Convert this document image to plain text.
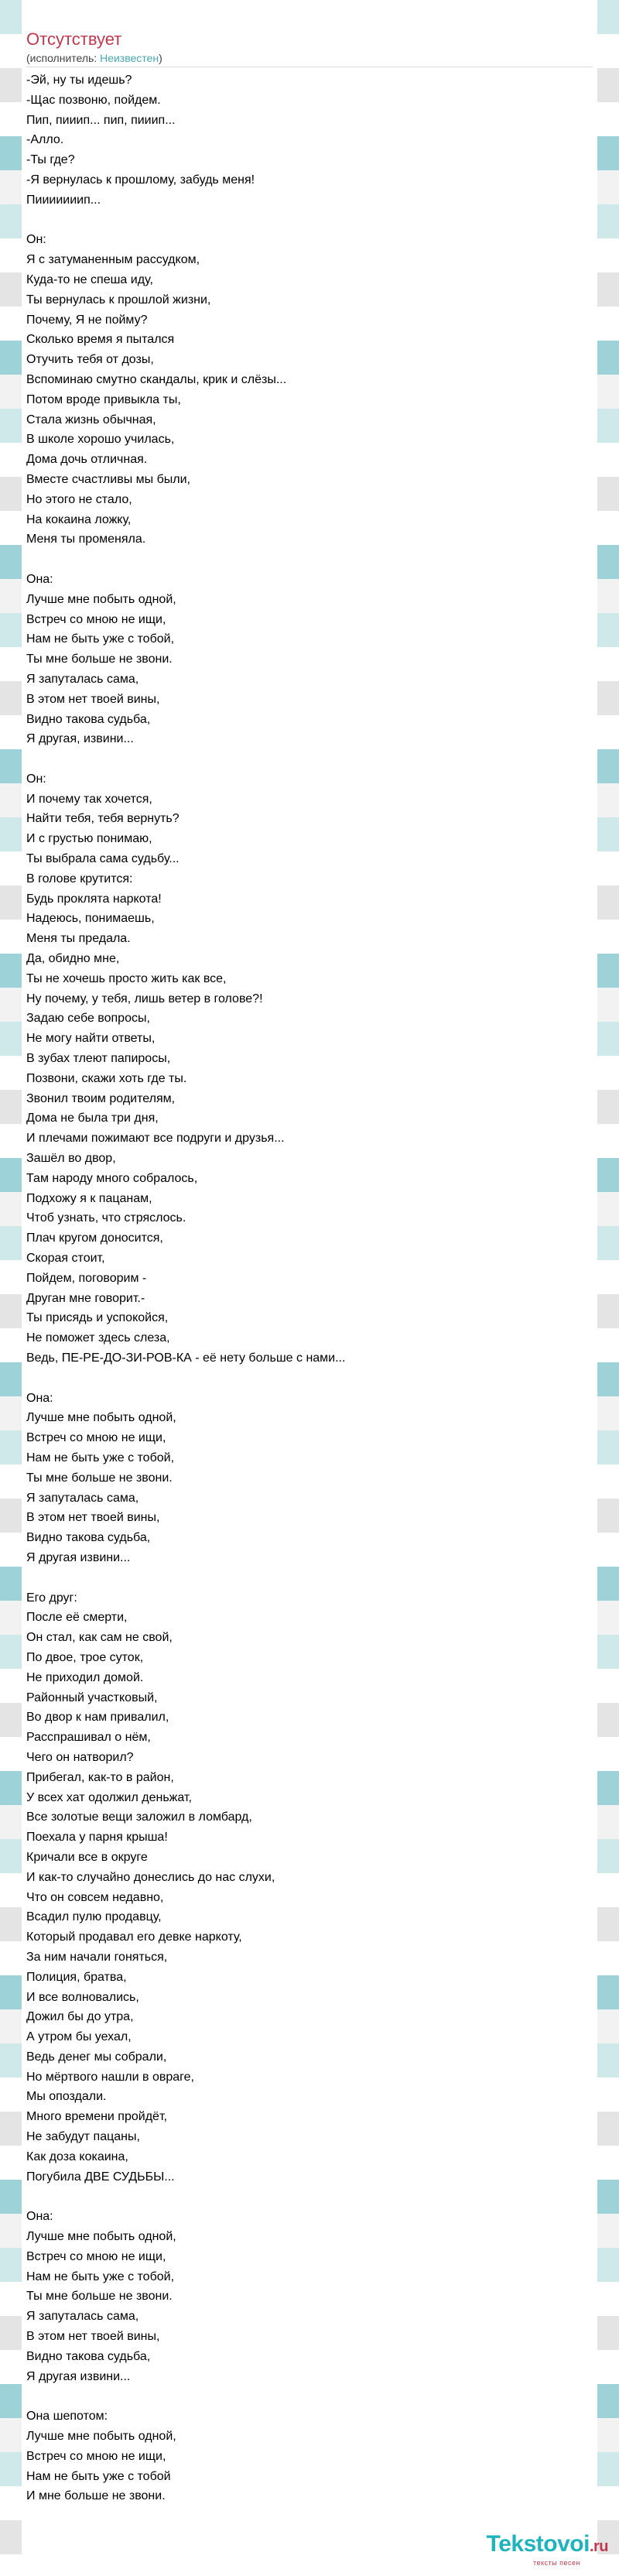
Отсутствует
(исполнитель: Неизвестен)
-Эй, ну ты идешь?
-Щас позвоню, пойдем.
Пип, пииип... пип, пииип...
-Алло.
-Ты где?
-Я вернулась к прошлому, забудь меня!
Пииииииип...
Он:
Я с затуманенным рассудком,
Куда-то не спеша иду,
Ты вернулась к прошлой жизни,
Почему, Я не пойму?
Сколько время я пытался
Отучить тебя от дозы,
Вспоминаю смутно скандалы, крик и слёзы...
Потом вроде привыкла ты,
Стала жизнь обычная,
В школе хорошо училась,
Дома дочь отличная.
Вместе счастливы мы были,
Но этого не стало,
На кокаина ложку,
Меня ты променяла.
Она:
Лучше мне побыть одной,
Встреч со мною не ищи,
Нам не быть уже с тобой,
Ты мне больше не звони.
Я запуталась сама,
В этом нет твоей вины,
Видно такова судьба,
Я другая, извини...
Он:
И почему так хочется,
Найти тебя, тебя вернуть?
И с грустью понимаю,
Ты выбрала сама судьбу...
В голове крутится:
Будь проклята наркота!
Надеюсь, понимаешь,
Меня ты предала.
Да, обидно мне,
Ты не хочешь просто жить как все,
Ну почему, у тебя, лишь ветер в голове?!
Задаю себе вопросы,
Не могу найти ответы,
В зубах тлеют папиросы,
Позвони, скажи хоть где ты.
Звонил твоим родителям,
Дома не была три дня,
И плечами пожимают все подруги и друзья...
Зашёл во двор,
Там народу много собралось,
Подхожу я к пацанам,
Чтоб узнать, что стряслось.
Плач кругом доносится,
Скорая стоит,
Пойдем, поговорим -
Друган мне говорит.-
Ты присядь и успокойся,
Не поможет здесь слеза,
Ведь, ПЕ-РЕ-ДО-ЗИ-РОВ-КА - её нету больше с нами...
Она:
Лучше мне побыть одной,
Встреч со мною не ищи,
Нам не быть уже с тобой,
Ты мне больше не звони.
Я запуталась сама,
В этом нет твоей вины,
Видно такова судьба,
Я другая извини...
Его друг:
После её смерти,
Он стал, как сам не свой,
По двое, трое суток,
Не приходил домой.
Районный участковый,
Во двор к нам привалил,
Расспрашивал о нём,
Чего он натворил?
Прибегал, как-то в район,
У всех хат одолжил деньжат,
Все золотые вещи заложил в ломбард,
Поехала у парня крыша!
Кричали все в округе
И как-то случайно донеслись до нас слухи,
Что он совсем недавно,
Всадил пулю продавцу,
Который продавал его девке наркоту,
За ним начали гоняться,
Полиция, братва,
И все волновались,
Дожил бы до утра,
А утром бы уехал,
Ведь денег мы собрали,
Но мёртвого нашли в овраге,
Мы опоздали.
Много времени пройдёт,
Не забудут пацаны,
Как доза кокаина,
Погубила ДВЕ СУДЬБЫ...
Она:
Лучше мне побыть одной,
Встреч со мною не ищи,
Нам не быть уже с тобой,
Ты мне больше не звони.
Я запуталась сама,
В этом нет твоей вины,
Видно такова судьба,
Я другая извини...
Она шепотом:
Лучше мне побыть одной,
Встреч со мною не ищи,
Нам не быть уже с тобой
И мне больше не звони.
Tekstovoi.ru
тексты песен
